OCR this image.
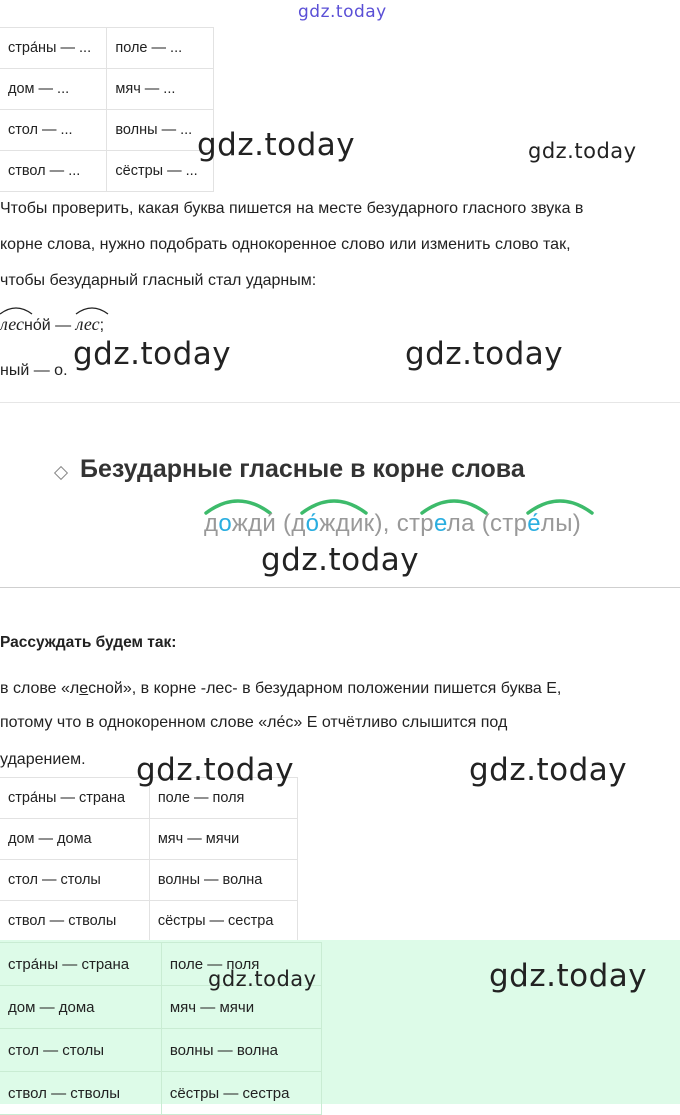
gdz.today
стра́ны — ...	поле — ...
дом — ...	мяч — ...
стол — ...	волны — ...
ствол — ...	сёстры — ...
gdz.today	gdz.today
Чтобы проверить, какая буква пишется на месте безударного гласного звука в
корне слова, нужно подобрать однокоренное слово или изменить слово так,
чтобы безударный гласный стал ударным:
лесно́й —
лес;
ный — о. gdz.today	gdz.today
Безударные гласные в корне слова
дожди́ (до́ждик), стрела (стре́лы)
gdz.today
Рассуждать будем так:
в слове «лесной», в корне -лес- в безударном положении пишется буква Е,
потому что в однокоренном слове «ле́с» Е отчётливо слышится под
ударением.
стра́ны — страна	поле — поля
дом — дома	мяч — мячи
стол — столы	волны — волна
ствол — стволы	сёстры — сестра
gdz.today	gdz.today
стра́ны — страна	поле — поля
дом — дома	мяч — мячи
стол — столы	волны — волна
ствол — стволы	сёстры — сестра
gdz.today	gdz.today
